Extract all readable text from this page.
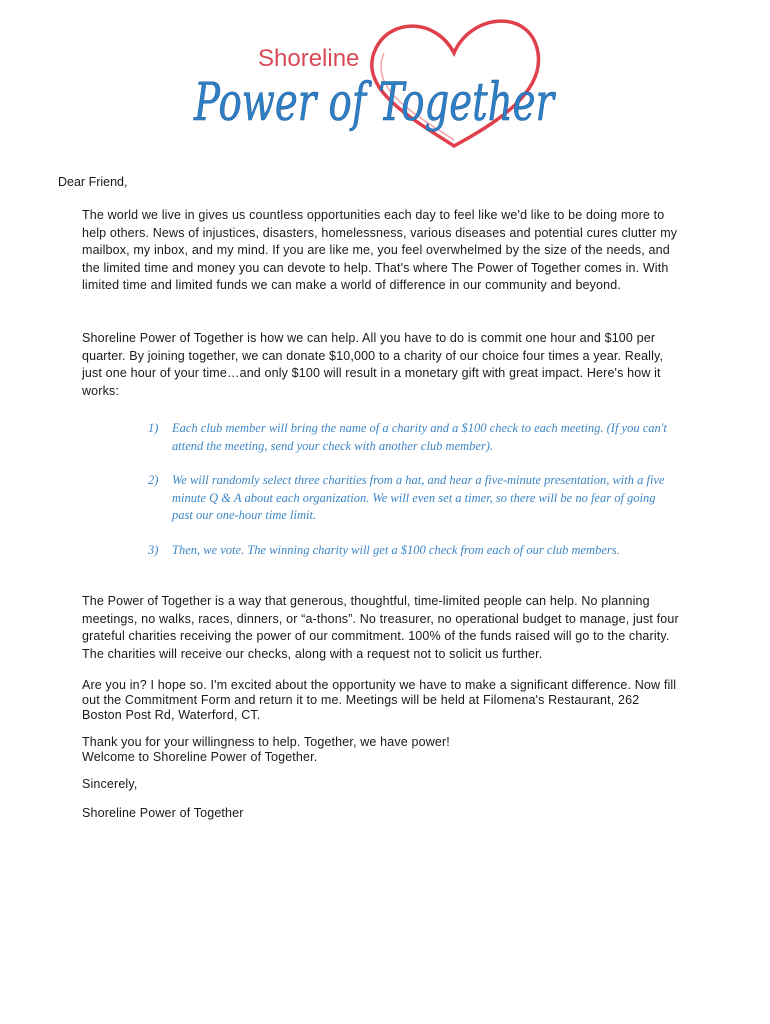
Shoreline
Power of Together

Dear Friend,

The world we live in gives us countless opportunities each day to feel like we'd like to be doing more to help others. News of injustices, disasters, homelessness, various diseases and potential cures clutter my mailbox, my inbox, and my mind. If you are like me, you feel overwhelmed by the size of the needs, and the limited time and money you can devote to help. That's where The Power of Together comes in. With limited time and limited funds we can make a world of difference in our community and beyond.

Shoreline Power of Together is how we can help. All you have to do is commit one hour and $100 per quarter. By joining together, we can donate $10,000 to a charity of our choice four times a year. Really, just one hour of your time…and only $100 will result in a monetary gift with great impact. Here's how it works:

1)	Each club member will bring the name of a charity and a $100 check to each meeting. (If you can't attend the meeting, send your check with another club member).
2)	We will randomly select three charities from a hat, and hear a five-minute presentation, with a five minute Q & A about each organization. We will even set a timer, so there will be no fear of going past our one-hour time limit.
3)	Then, we vote. The winning charity will get a $100 check from each of our club members.

The Power of Together is a way that generous, thoughtful, time-limited people can help. No planning meetings, no walks, races, dinners, or “a-thons”. No treasurer, no operational budget to manage, just four grateful charities receiving the power of our commitment. 100% of the funds raised will go to the charity. The charities will receive our checks, along with a request not to solicit us further.

Are you in? I hope so. I'm excited about the opportunity we have to make a significant difference. Now fill out the Commitment Form and return it to me. Meetings will be held at Filomena's Restaurant, 262 Boston Post Rd, Waterford, CT.

Thank you for your willingness to help. Together, we have power!
Welcome to Shoreline Power of Together.

Sincerely,

Shoreline Power of Together
